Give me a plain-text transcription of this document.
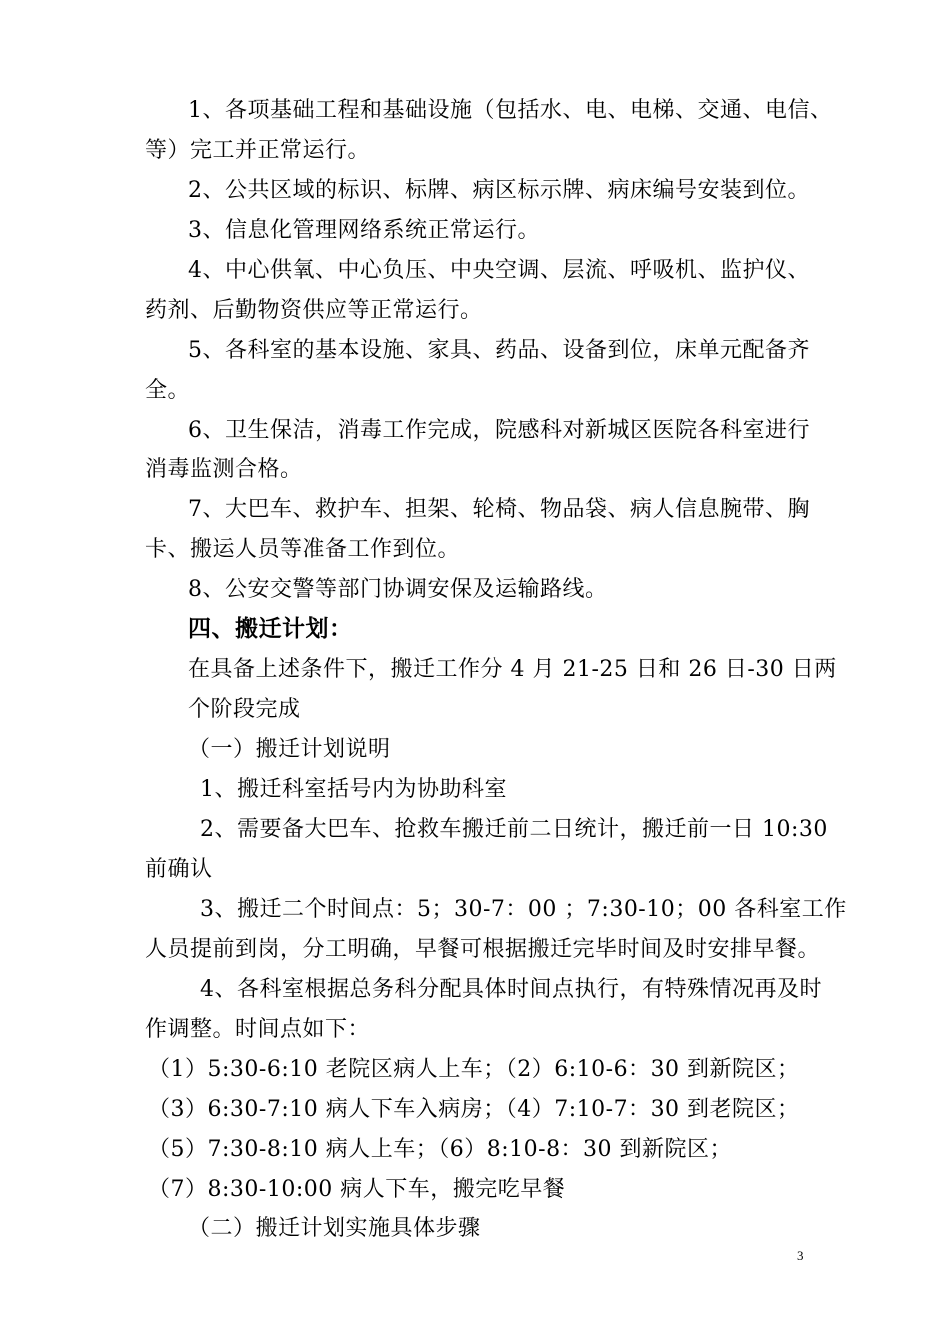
1、各项基础工程和基础设施（包括水、电、电梯、交通、电信、
等）完工并正常运行。
2、公共区域的标识、标牌、病区标示牌、病床编号安装到位。
3、信息化管理网络系统正常运行。
4、中心供氧、中心负压、中央空调、层流、呼吸机、监护仪、
药剂、后勤物资供应等正常运行。
5、各科室的基本设施、家具、药品、设备到位，床单元配备齐
全。
6、卫生保洁，消毒工作完成，院感科对新城区医院各科室进行
消毒监测合格。
7、大巴车、救护车、担架、轮椅、物品袋、病人信息腕带、胸
卡、搬运人员等准备工作到位。
8、公安交警等部门协调安保及运输路线。
四、搬迁计划：
在具备上述条件下，搬迁工作分 4 月 21-25 日和 26 日-30 日两
个阶段完成
（一）搬迁计划说明
1、搬迁科室括号内为协助科室
2、需要备大巴车、抢救车搬迁前二日统计，搬迁前一日 10:30
前确认
3、搬迁二个时间点：5；30-7：00 ；7:30-10；00 各科室工作
人员提前到岗，分工明确，早餐可根据搬迁完毕时间及时安排早餐。
4、各科室根据总务科分配具体时间点执行，有特殊情况再及时
作调整。时间点如下：
（1）5:30-6:10 老院区病人上车；（2）6:10-6：30 到新院区；
（3）6:30-7:10 病人下车入病房；（4）7:10-7：30 到老院区；
（5）7:30-8:10 病人上车；（6）8:10-8：30 到新院区；
（7）8:30-10:00 病人下车，搬完吃早餐
（二）搬迁计划实施具体步骤
3
